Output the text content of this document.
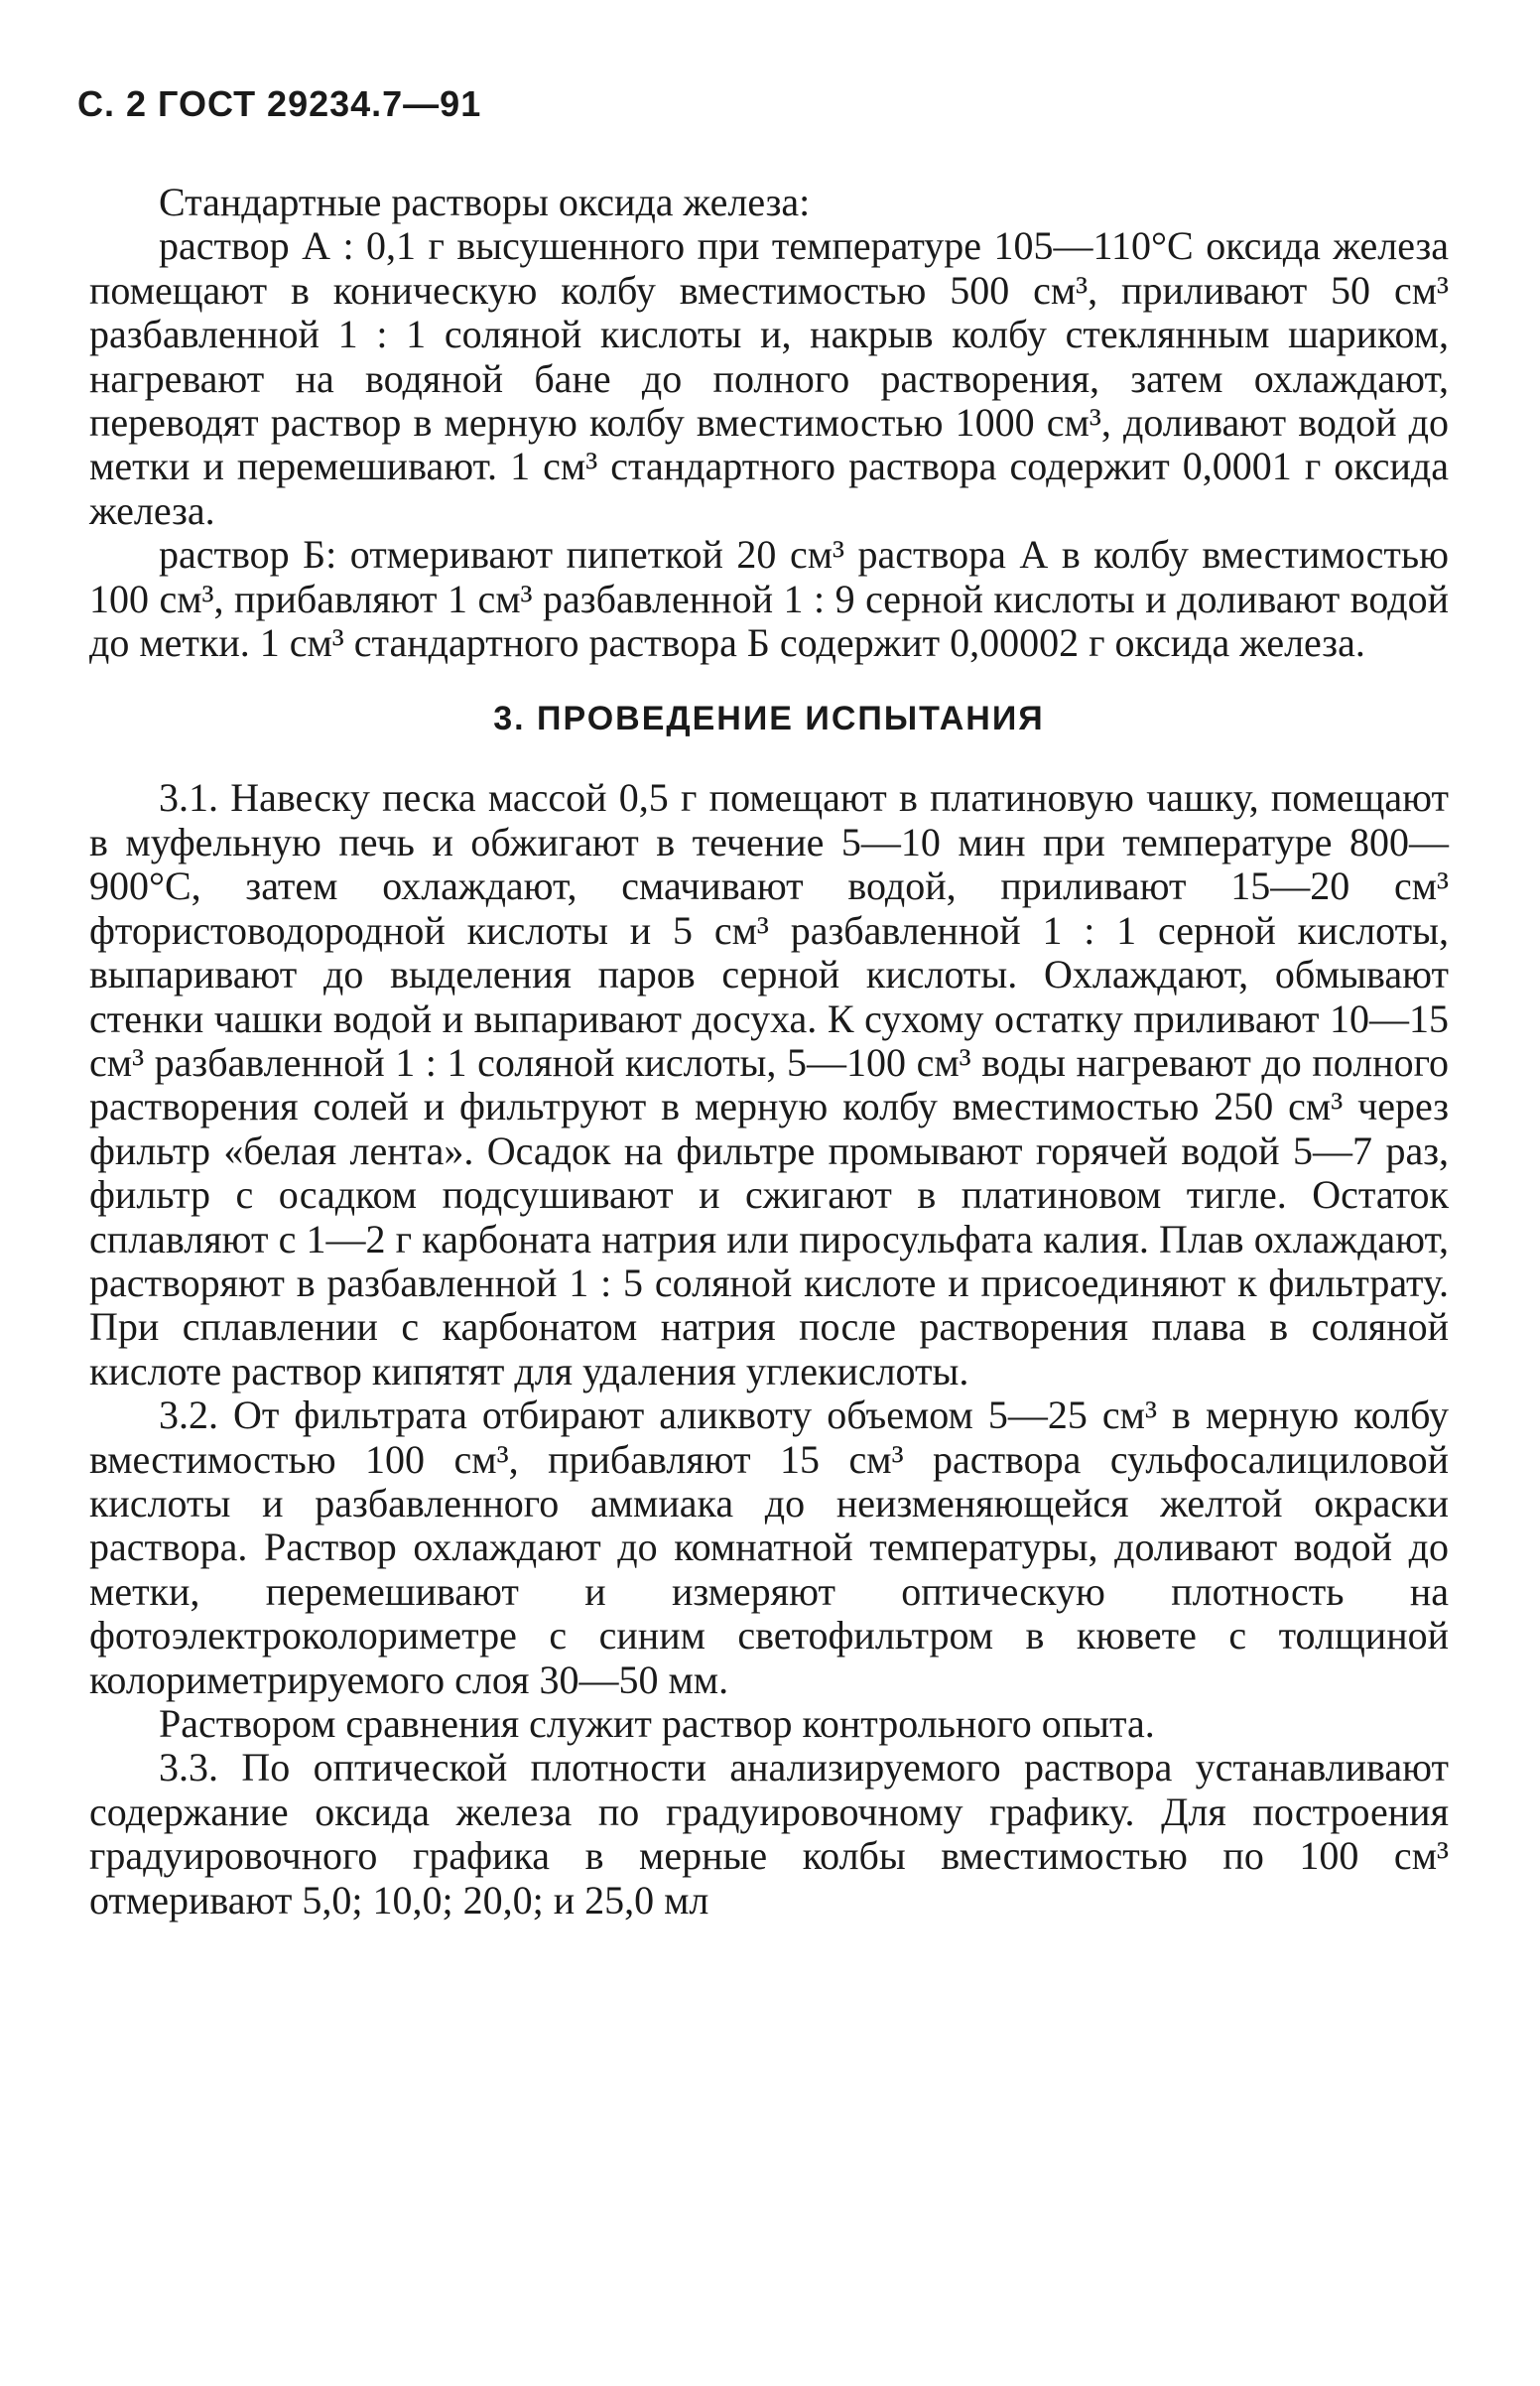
С. 2 ГОСТ 29234.7—91

Стандартные растворы оксида железа:

раствор А : 0,1 г высушенного при температуре 105—110°С оксида железа помещают в коническую колбу вместимостью 500 см³, приливают 50 см³ разбавленной 1 : 1 соляной кислоты и, накрыв колбу стеклянным шариком, нагревают на водяной бане до полного растворения, затем охлаждают, переводят раствор в мерную колбу вместимостью 1000 см³, доливают водой до метки и перемешивают. 1 см³ стандартного раствора содержит 0,0001 г оксида железа.

раствор Б: отмеривают пипеткой 20 см³ раствора А в колбу вместимостью 100 см³, прибавляют 1 см³ разбавленной 1 : 9 серной кислоты и доливают водой до метки. 1 см³ стандартного раствора Б содержит 0,00002 г оксида железа.

3. ПРОВЕДЕНИЕ ИСПЫТАНИЯ

3.1. Навеску песка массой 0,5 г помещают в платиновую чашку, помещают в муфельную печь и обжигают в течение 5—10 мин при температуре 800—900°С, затем охлаждают, смачивают водой, приливают 15—20 см³ фтористоводородной кислоты и 5 см³ разбавленной 1 : 1 серной кислоты, выпаривают до выделения паров серной кислоты. Охлаждают, обмывают стенки чашки водой и выпаривают досуха. К сухому остатку приливают 10—15 см³ разбавленной 1 : 1 соляной кислоты, 5—100 см³ воды нагревают до полного растворения солей и фильтруют в мерную колбу вместимостью 250 см³ через фильтр «белая лента». Осадок на фильтре промывают горячей водой 5—7 раз, фильтр с осадком подсушивают и сжигают в платиновом тигле. Остаток сплавляют с 1—2 г карбоната натрия или пиросульфата калия. Плав охлаждают, растворяют в разбавленной 1 : 5 соляной кислоте и присоединяют к фильтрату. При сплавлении с карбонатом натрия после растворения плава в соляной кислоте раствор кипятят для удаления углекислоты.

3.2. От фильтрата отбирают аликвоту объемом 5—25 см³ в мерную колбу вместимостью 100 см³, прибавляют 15 см³ раствора сульфосалициловой кислоты и разбавленного аммиака до неизменяющейся желтой окраски раствора. Раствор охлаждают до комнатной температуры, доливают водой до метки, перемешивают и измеряют оптическую плотность на фотоэлектроколориметре с синим светофильтром в кювете с толщиной колориметрируемого слоя 30—50 мм.

Раствором сравнения служит раствор контрольного опыта.

3.3. По оптической плотности анализируемого раствора устанавливают содержание оксида железа по градуировочному графику. Для построения градуировочного графика в мерные колбы вместимостью по 100 см³ отмеривают 5,0; 10,0; 20,0; и 25,0 мл
